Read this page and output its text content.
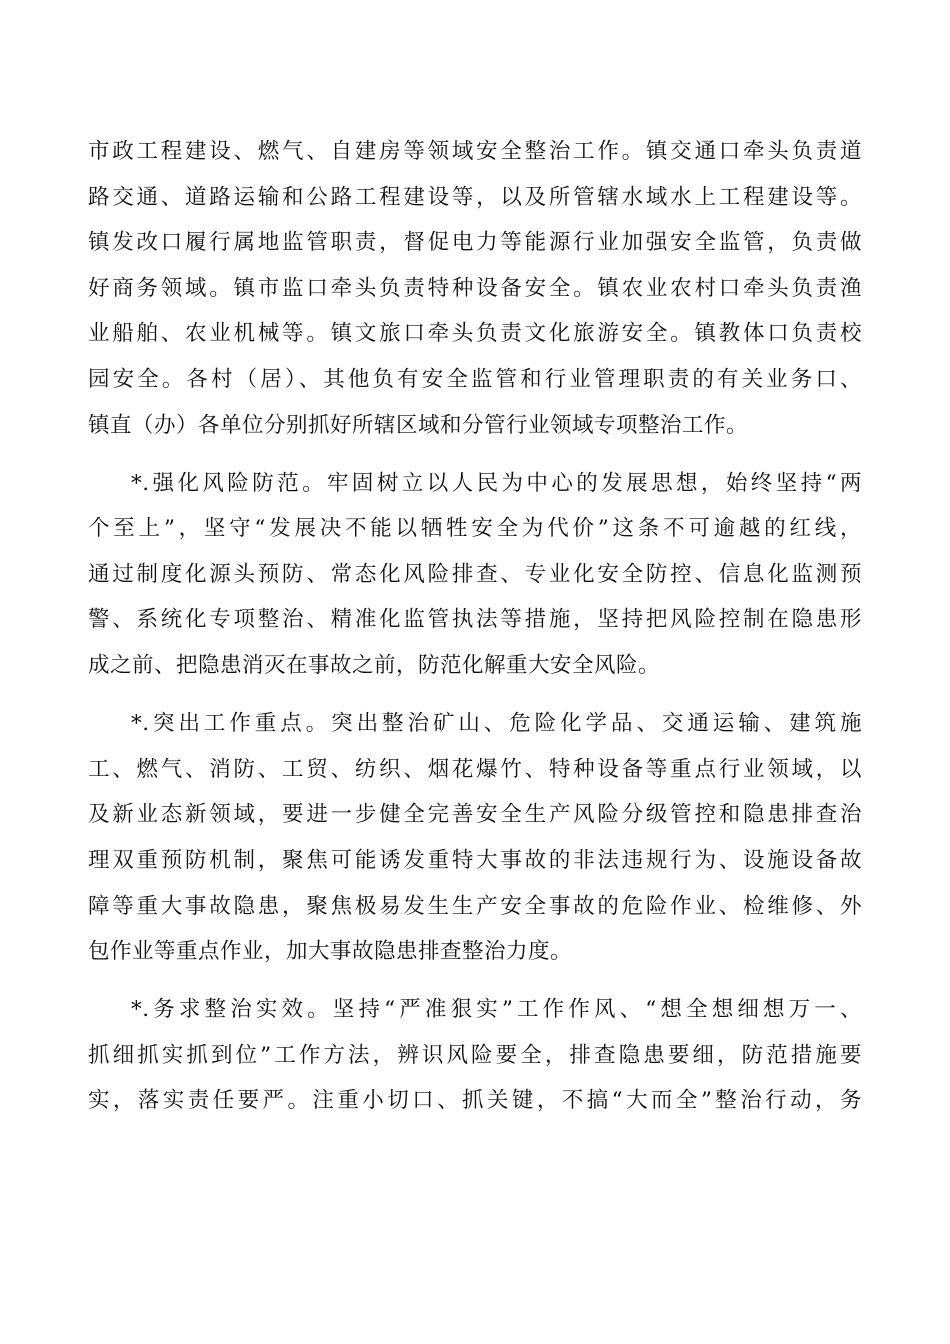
市政工程建设、燃气、自建房等领域安全整治工作。镇交通口牵头负责道
路交通、道路运输和公路工程建设等，以及所管辖水域水上工程建设等。
镇发改口履行属地监管职责，督促电力等能源行业加强安全监管，负责做
好商务领域。镇市监口牵头负责特种设备安全。镇农业农村口牵头负责渔
业船舶、农业机械等。镇文旅口牵头负责文化旅游安全。镇教体口负责校
园安全。各村（居）、其他负有安全监管和行业管理职责的有关业务口、
镇直（办）各单位分别抓好所辖区域和分管行业领域专项整治工作。
*.强化风险防范。牢固树立以人民为中心的发展思想，始终坚持“两
个至上”，坚守“发展决不能以牺牲安全为代价”这条不可逾越的红线，
通过制度化源头预防、常态化风险排查、专业化安全防控、信息化监测预
警、系统化专项整治、精准化监管执法等措施，坚持把风险控制在隐患形
成之前、把隐患消灭在事故之前，防范化解重大安全风险。
*.突出工作重点。突出整治矿山、危险化学品、交通运输、建筑施
工、燃气、消防、工贸、纺织、烟花爆竹、特种设备等重点行业领域，以
及新业态新领域，要进一步健全完善安全生产风险分级管控和隐患排查治
理双重预防机制，聚焦可能诱发重特大事故的非法违规行为、设施设备故
障等重大事故隐患，聚焦极易发生生产安全事故的危险作业、检维修、外
包作业等重点作业，加大事故隐患排查整治力度。
*.务求整治实效。坚持“严准狠实”工作作风、“想全想细想万一、
抓细抓实抓到位”工作方法，辨识风险要全，排查隐患要细，防范措施要
实，落实责任要严。注重小切口、抓关键，不搞“大而全”整治行动，务
